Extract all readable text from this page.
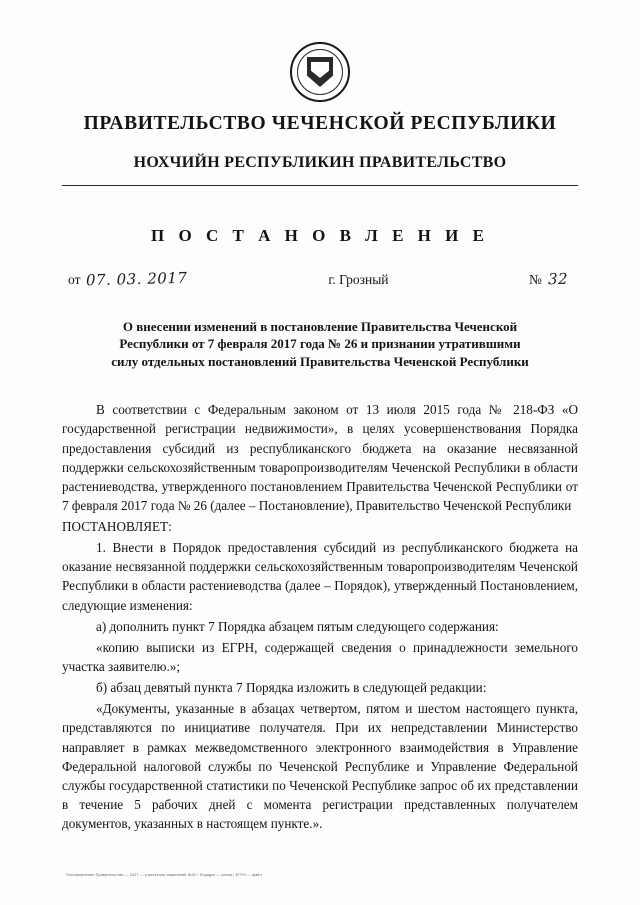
ПРАВИТЕЛЬСТВО ЧЕЧЕНСКОЙ РЕСПУБЛИКИ
НОХЧИЙН РЕСПУБЛИКИН ПРАВИТЕЛЬСТВО
П О С Т А Н О В Л Е Н И Е
от 07. 03. 2017	г. Грозный	№ 32
О внесении изменений в постановление Правительства Чеченской Республики от 7 февраля 2017 года № 26 и признании утратившими силу отдельных постановлений Правительства Чеченской Республики

В соответствии с Федеральным законом от 13 июля 2015 года № 218-ФЗ «О государственной регистрации недвижимости», в целях усовершенствования Порядка предоставления субсидий из республиканского бюджета на оказание несвязанной поддержки сельскохозяйственным товаропроизводителям Чеченской Республики в области растениеводства, утвержденного постановлением Правительства Чеченской Республики от 7 февраля 2017 года № 26 (далее – Постановление), Правительство Чеченской Республики

ПОСТАНОВЛЯЕТ:

1. Внести в Порядок предоставления субсидий из республиканского бюджета на оказание несвязанной поддержки сельскохозяйственным товаропроизводителям Чеченской Республики в области растениеводства (далее – Порядок), утвержденный Постановлением, следующие изменения:

а) дополнить пункт 7 Порядка абзацем пятым следующего содержания:

«копию выписки из ЕГРН, содержащей сведения о принадлежности земельного участка заявителю.»;

б) абзац девятый пункта 7 Порядка изложить в следующей редакции:

«Документы, указанные в абзацах четвертом, пятом и шестом настоящего пункта, представляются по инициативе получателя. При их непредставлении Министерство направляет в рамках межведомственного электронного взаимодействия в Управление Федеральной налоговой службы по Чеченской Республике и Управление Федеральной службы государственной статистики по Чеченской Республике запрос об их представлении в течение 5 рабочих дней с момента регистрации представленных получателем документов, указанных в настоящем пункте.».

Постановление Правительства — 2017 — о внесении изменений №32 / Порядок — копия / ЕГРН — файл
